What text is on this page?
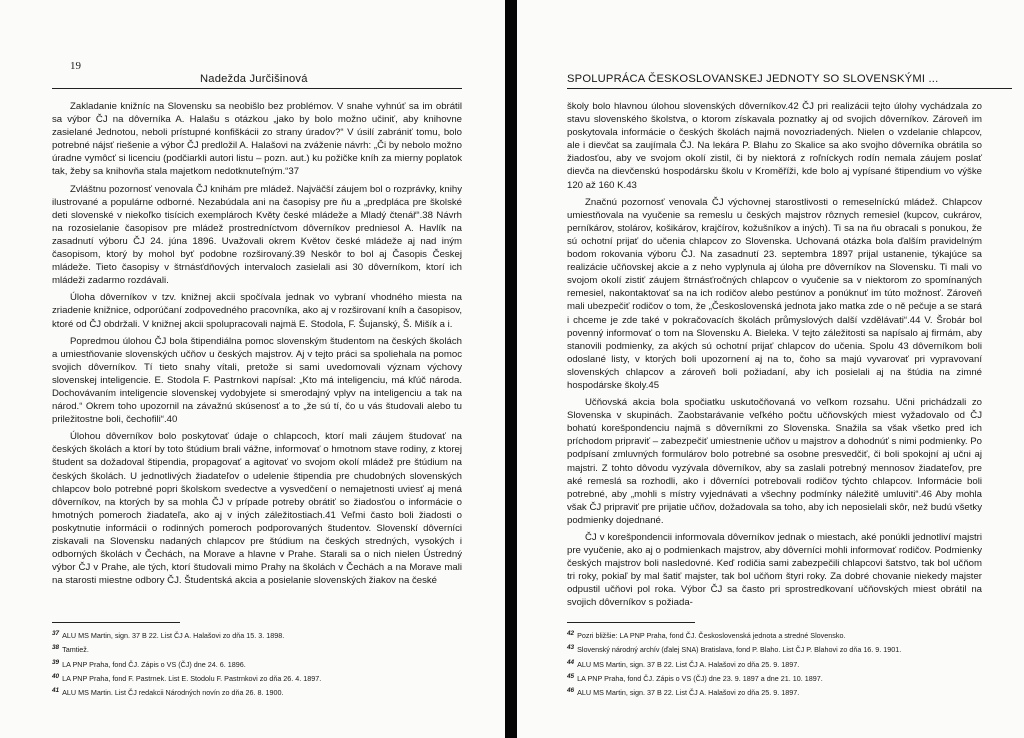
19
Nadežda Jurčišinová

Zakladanie knižníc na Slovensku sa neobišlo bez problémov. V snahe vyhnúť sa im obrátil sa výbor ČJ na dôverníka A. Halašu s otázkou „jako by bolo možno učiniť, aby knihovne zasielané Jednotou, neboli prístupné konfiškácii zo strany úradov?“ V úsilí zabrániť tomu, bolo potrebné nájsť riešenie a výbor ČJ predložil A. Halašovi na zváženie návrh: „Či by nebolo možno úradne vymôcť si licenciu (podčiarkli autori listu – pozn. aut.) ku požičke kníh za mierny poplatok tak, žeby sa knihovňa stala majetkom nedotknuteľným.“37

Zvláštnu pozornosť venovala ČJ knihám pre mládež. Najväčší záujem bol o rozprávky, knihy ilustrované a populárne odborné. Nezabúdala ani na časopisy pre ňu a „predplácа pre školské deti slovenské v niekoľko tisícich exemplároch Květy české mládeže a Mladý čtenář“.38 Návrh na rozosielanie časopisov pre mládež prostredníctvom dôverníkov predniesol A. Havlík na zasadnutí výboru ČJ 24. júna 1896. Uvažovali okrem Květov české mládeže aj nad iným časopisom, ktorý by mohol byť podobne rozširovaný.39 Neskôr to bol aj Časopis Českej mládeže. Tieto časopisy v štrnásťdňových intervaloch zasielali asi 30 dôverníkom, ktorí ich mládeži zadarmo rozdávali.

Úloha dôverníkov v tzv. knižnej akcii spočívala jednak vo vybraní vhodného miesta na zriadenie knižnice, odporúčaní zodpovedného pracovníka, ako aj v rozširovaní kníh a časopisov, ktoré od ČJ obdržali. V knižnej akcii spolupracovali najmä E. Stodola, F. Šujanský, Š. Mišík a i.

Popredmou úlohou ČJ bola štipendiálna pomoc slovenským študentom na českých školách a umiestňovanie slovenských učňov u českých majstrov. Aj v tejto práci sa spoliehala na pomoc svojich dôverníkov. Tí tieto snahy vítali, pretože si sami uvedomovali význam výchovy slovenskej inteligencie. E. Stodola F. Pastrnkovi napísal: „Kto má inteligenciu, má kľúč národa. Dochovávaním inteligencie slovenskej vydobyjete si smerodajný vplyv na inteligenciu a tak na národ.“ Okrem toho upozornil na závažnú skúsenosť a to „že sú tí, čo u vás študovali alebo tu priležitostne boli, čechofili“.40

Úlohou dôverníkov bolo poskytovať údaje o chlapcoch, ktorí mali záujem študovať na českých školách a ktorí by toto štúdium brali vážne, informovať o hmotnom stave rodiny, z ktorej študent sa dožadoval štipendia, propagovať a agitovať vo svojom okolí mládež pre štúdium na českých školách. U jednotlivých žiadateľov o udelenie štipendia pre chudobných slovenských chlapcov bolo potrebné popri školskom svedectve a vysvedčení o nemajetnosti uviesť aj mená dôverníkov, na ktorých by sa mohla ČJ v prípade potreby obrátiť so žiadosťou o informácie o hmotných pomeroch žiadateľa, ako aj v iných záležitostiach.41 Veľmi často boli žiadosti o poskytnutie informácii o rodinných pomeroch podporovaných študentov. Slovenskí dôverníci ziskavali na Slovensku nadaných chlapcov pre štúdium na českých stredných, vysokých i odborných školách v Čechách, na Morave a hlavne v Prahe. Starali sa o nich nielen Ústredný výbor ČJ v Prahe, ale tých, ktorí študovali mimo Prahy na školách v Čechách a na Morave mali na starosti miestne odbory ČJ. Študentská akcia a posielanie slovenských žiakov na české

37 ALU MS Martin, sign. 37 B 22. List ČJ A. Halašovi zo dňa 15. 3. 1898.
38 Tamtiež.
39 LA PNP Praha, fond ČJ. Zápis o VS (ČJ) dne 24. 6. 1896.
40 LA PNP Praha, fond F. Pastrnek. List E. Stodolu F. Pastrnkovi zo dňa 26. 4. 1897.
41 ALU MS Martin. List ČJ redakcii Národných novín zo dňa 26. 8. 1900.
SPOLUPRÁCA ČESKOSLOVANSKEJ JEDNOTY SO SLOVENSKÝMI ...

školy bolo hlavnou úlohou slovenských dôverníkov.42 ČJ pri realizácii tejto úlohy vychádzala zo stavu slovenského školstva, o ktorom získavala poznatky aj od svojich dôverníkov. Zároveň im poskytovala informácie o českých školách najmä novozriadených. Nielen o vzdelanie chlapcov, ale i dievčat sa zaujímala ČJ. Na lekára P. Blahu zo Skalice sa ako svojho dôverníka obrátila so žiadosťou, aby ve svojom okolí zistil, či by niektorá z roľníckych rodín nemala záujem poslať dievča na dievčenskú hospodársku školu v Kroměříži, kde bolo aj vypísané štipendium vo výške 120 až 160 K.43

Značnú pozornosť venovala ČJ výchovnej starostlivosti o remeselníckú mládež. Chlapcov umiestňovala na vyučenie sa remeslu u českých majstrov rôznych remesiel (kupcov, cukrárov, perníkárov, stolárov, košikárov, krajčírov, kožušníkov a iných). Ti sa na ňu obracali s ponukou, že sú ochotní prijať do učenia chlapcov zo Slovenska. Uchovaná otázka bola ďalším pravidelným bodom rokovania výboru ČJ. Na zasadnutí 23. septembra 1897 prijal ustanenie, týkajúce sa realizácie učňovskej akcie a z neho vyplynula aj úloha pre dôverníkov na Slovensku. Ti mali vo svojom okolí zistiť záujem štrnásťročných chlapcov o vyučenie sa v niektorom zo spomínaných remesiel, nakontaktovať sa na ich rodičov alebo pestúnov a ponúknuť im túto možnosť. Zároveň mali ubezpečiť rodičov o tom, že „Československá jednota jako matka zde o ně pečuje a se stará i chceme je zde také v pokračovacích školách průmyslových další vzdělávati“.44 V. Šrobár bol povenný informovať o tom na Slovensku A. Bieleka. V tejto záležitosti sa napísalo aj firmám, aby stanovili podmienky, za akých sú ochotní prijať chlapcov do učenia. Spolu 43 dôverníkom boli odoslané listy, v ktorých boli upozornení aj na to, čoho sa majú vyvarovať pri vypravovaní slovenských chlapcov a zároveň boli požiadaní, aby ich posielali aj na štúdia na zimné hospodárske školy.45

Učňovská akcia bola spočiatku uskutočňovaná vo veľkom rozsahu. Učni prichádzali zo Slovenska v skupinách. Zaobstarávanie veľkého počtu učňovských miest vyžadovalo od ČJ bohatú korešpondenciu najmä s dôverníkmi zo Slovenska. Snažila sa však všetko pred ich príchodom pripraviť – zabezpečiť umiestnenie učňov u majstrov a dohodnúť s nimi podmienky. Po podpísaní zmluvných formulárov bolo potrebné sa osobne presvedčiť, či boli spokojní aj učni aj majstri. Z tohto dôvodu vyzývala dôverníkov, aby sa zaslali potrebný mennosov žiadateľov, pre aké remeslá sa rozhodli, ako i dôverníci potrebovali rodičov týchto chlapcov. Informácie boli potrebné, aby „mohli s místry vyjednávati a všechny podmínky náležitě umluviti“.46 Aby mohla však ČJ pripraviť pre prijatie učňov, dožadovala sa toho, aby ich neposielali skôr, než budú všetky podmienky dojednané.

ČJ v korešpondencii informovala dôverníkov jednak o miestach, aké ponúkli jednotliví majstri pre vyučenie, ako aj o podmienkach majstrov, aby dôverníci mohli informovať rodičov. Podmienky českých majstrov boli nasledovné. Keď rodičia sami zabezpečili chlapcovi šatstvo, tak bol učňom tri roky, pokiaľ by mal šatiť majster, tak bol učňom štyri roky. Za dobré chovanie niekedy majster odpustil učňovi pol roka. Výbor ČJ sa často pri sprostredkovaní učňovských miest obrátil na svojich dôverníkov s požiada-

42 Pozri bližšie: LA PNP Praha, fond ČJ. Československá jednota a stredné Slovensko.
43 Slovenský národný archív (ďalej SNA) Bratislava, fond P. Blaho. List ČJ P. Blahovi zo dňa 16. 9. 1901.
44 ALU MS Martin, sign. 37 B 22. List ČJ A. Halašovi zo dňa 25. 9. 1897.
45 LA PNP Praha, fond ČJ. Zápis o VS (ČJ) dne 23. 9. 1897 a dne 21. 10. 1897.
46 ALU MS Martin, sign. 37 B 22. List ČJ A. Halašovi zo dňa 25. 9. 1897.
